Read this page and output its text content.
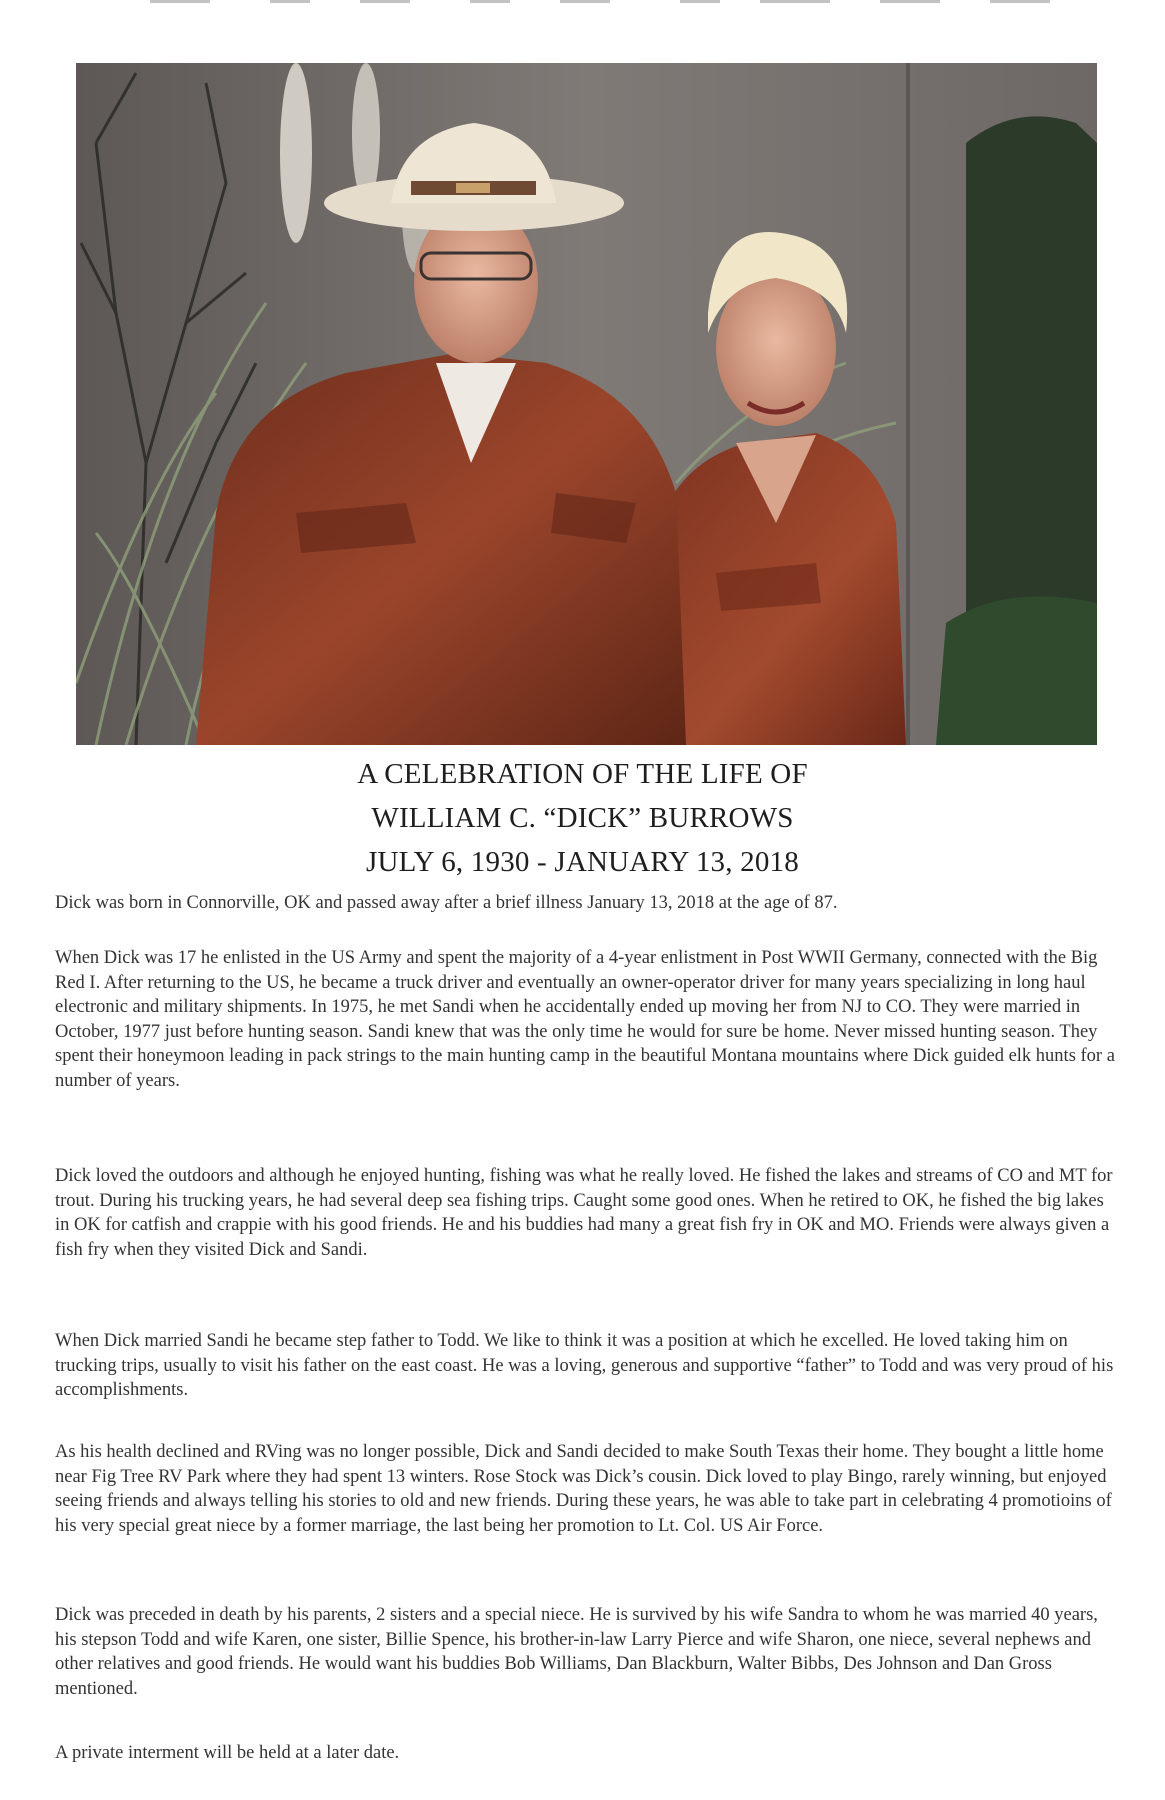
A CELEBRATION OF THE LIFE OF
WILLIAM C. “DICK” BURROWS
JULY 6, 1930 - JANUARY 13, 2018
Dick was born in Connorville, OK and passed away after a brief illness January 13, 2018 at the age of 87.

When Dick was 17 he enlisted in the US Army and spent the majority of a 4-year enlistment in Post WWII Germany, connected with the Big Red I. After returning to the US, he became a truck driver and eventually an owner-operator driver for many years specializing in long haul electronic and military shipments. In 1975, he met Sandi when he accidentally ended up moving her from NJ to CO. They were married in October, 1977 just before hunting season. Sandi knew that was the only time he would for sure be home. Never missed hunting season. They spent their honeymoon leading in pack strings to the main hunting camp in the beautiful Montana mountains where Dick guided elk hunts for a number of years.

Dick loved the outdoors and although he enjoyed hunting, fishing was what he really loved. He fished the lakes and streams of CO and MT for trout. During his trucking years, he had several deep sea fishing trips. Caught some good ones. When he retired to OK, he fished the big lakes in OK for catfish and crappie with his good friends. He and his buddies had many a great fish fry in OK and MO. Friends were always given a fish fry when they visited Dick and Sandi.

When Dick married Sandi he became step father to Todd. We like to think it was a position at which he excelled. He loved taking him on trucking trips, usually to visit his father on the east coast. He was a loving, generous and supportive “father” to Todd and was very proud of his accomplishments.

As his health declined and RVing was no longer possible, Dick and Sandi decided to make South Texas their home. They bought a little home near Fig Tree RV Park where they had spent 13 winters. Rose Stock was Dick’s cousin. Dick loved to play Bingo, rarely winning, but enjoyed seeing friends and always telling his stories to old and new friends. During these years, he was able to take part in celebrating 4 promotioins of his very special great niece by a former marriage, the last being her promotion to Lt. Col. US Air Force.

Dick was preceded in death by his parents, 2 sisters and a special niece. He is survived by his wife Sandra to whom he was married 40 years, his stepson Todd and wife Karen, one sister, Billie Spence, his brother-in-law Larry Pierce and wife Sharon, one niece, several nephews and other relatives and good friends. He would want his buddies Bob Williams, Dan Blackburn, Walter Bibbs, Des Johnson and Dan Gross mentioned.

A private interment will be held at a later date.
